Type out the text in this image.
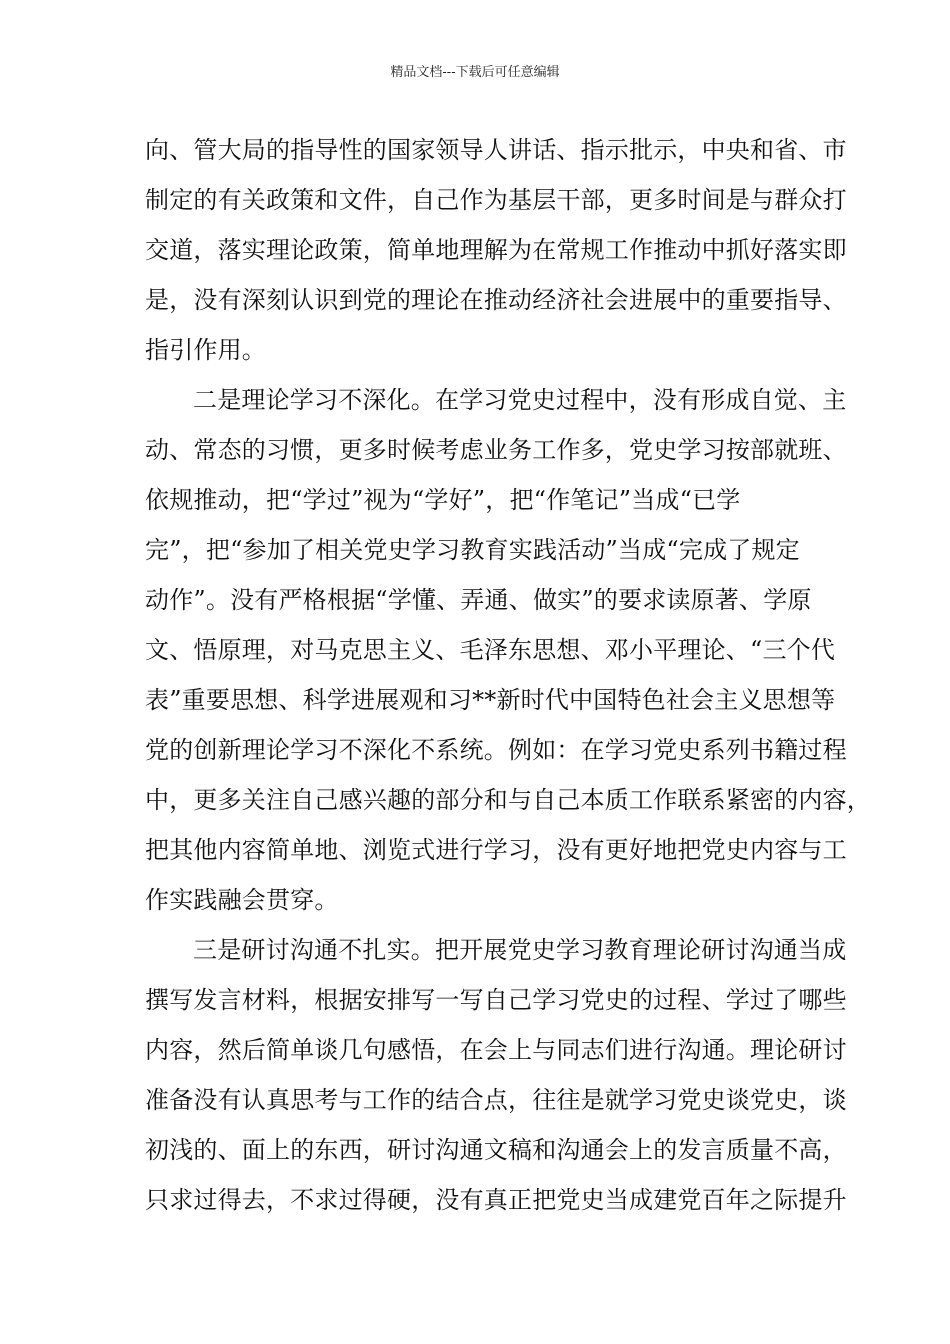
精品文档---下载后可任意编辑
向、管大局的指导性的国家领导人讲话、指示批示，中央和省、市
制定的有关政策和文件，自己作为基层干部，更多时间是与群众打
交道，落实理论政策，简单地理解为在常规工作推动中抓好落实即
是，没有深刻认识到党的理论在推动经济社会进展中的重要指导、
指引作用。
二是理论学习不深化。在学习党史过程中，没有形成自觉、主
动、常态的习惯，更多时候考虑业务工作多，党史学习按部就班、
依规推动，把“学过”视为“学好”，把“作笔记”当成“已学
完”，把“参加了相关党史学习教育实践活动”当成“完成了规定
动作”。没有严格根据“学懂、弄通、做实”的要求读原著、学原
文、悟原理，对马克思主义、毛泽东思想、邓小平理论、“三个代
表”重要思想、科学进展观和习**新时代中国特色社会主义思想等
党的创新理论学习不深化不系统。例如：在学习党史系列书籍过程
中，更多关注自己感兴趣的部分和与自己本质工作联系紧密的内容，
把其他内容简单地、浏览式进行学习，没有更好地把党史内容与工
作实践融会贯穿。
三是研讨沟通不扎实。把开展党史学习教育理论研讨沟通当成
撰写发言材料，根据安排写一写自己学习党史的过程、学过了哪些
内容，然后简单谈几句感悟，在会上与同志们进行沟通。理论研讨
准备没有认真思考与工作的结合点，往往是就学习党史谈党史，谈
初浅的、面上的东西，研讨沟通文稿和沟通会上的发言质量不高，
只求过得去，不求过得硬，没有真正把党史当成建党百年之际提升
